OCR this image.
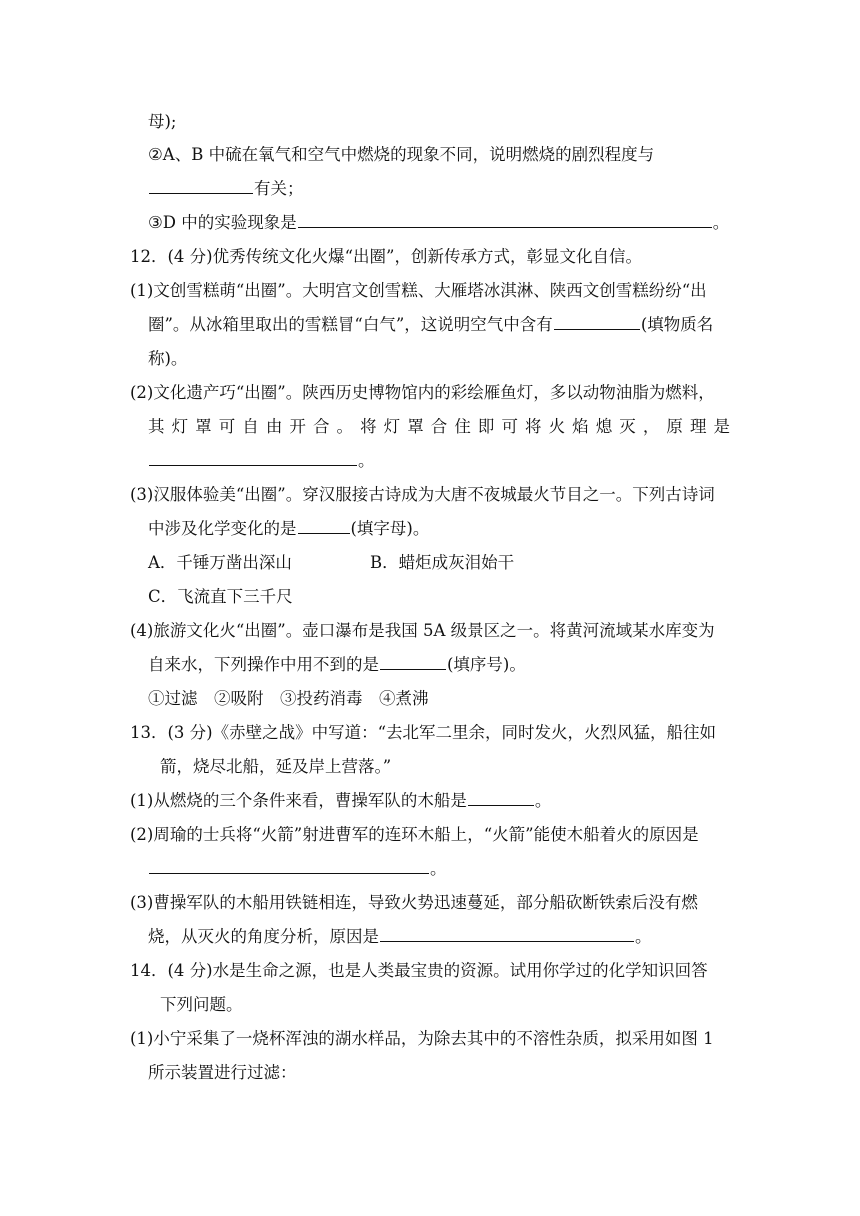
母);
②A、B 中硫在氧气和空气中燃烧的现象不同，说明燃烧的剧烈程度与
有关；
③D 中的实验现象是	。
12．(4 分)优秀传统文化火爆“出圈”，创新传承方式，彰显文化自信。
(1)文创雪糕萌“出圈”。大明宫文创雪糕、大雁塔冰淇淋、陕西文创雪糕纷纷“出
圈”。从冰箱里取出的雪糕冒“白气”，这说明空气中含有	(填物质名
称)。
(2)文化遗产巧“出圈”。陕西历史博物馆内的彩绘雁鱼灯，多以动物油脂为燃料，
其灯罩可自由开合。将灯罩合住即可将火焰熄灭，原理是
。
(3)汉服体验美“出圈”。穿汉服接古诗成为大唐不夜城最火节目之一。下列古诗词
中涉及化学变化的是	(填字母)。
A．千锤万凿出深山	B．蜡炬成灰泪始干
C．飞流直下三千尺
(4)旅游文化火“出圈”。壶口瀑布是我国 5A 级景区之一。将黄河流域某水库变为
自来水，下列操作中用不到的是	(填序号)。
①过滤　②吸附　③投药消毒　④煮沸
13．(3 分)《赤壁之战》中写道：“去北军二里余，同时发火，火烈风猛，船往如
箭，烧尽北船，延及岸上营落。”
(1)从燃烧的三个条件来看，曹操军队的木船是	。
(2)周瑜的士兵将“火箭”射进曹军的连环木船上，“火箭”能使木船着火的原因是
。
(3)曹操军队的木船用铁链相连，导致火势迅速蔓延，部分船砍断铁索后没有燃
烧，从灭火的角度分析，原因是	。
14．(4 分)水是生命之源，也是人类最宝贵的资源。试用你学过的化学知识回答
下列问题。
(1)小宁采集了一烧杯浑浊的湖水样品，为除去其中的不溶性杂质，拟采用如图 1
所示装置进行过滤：
